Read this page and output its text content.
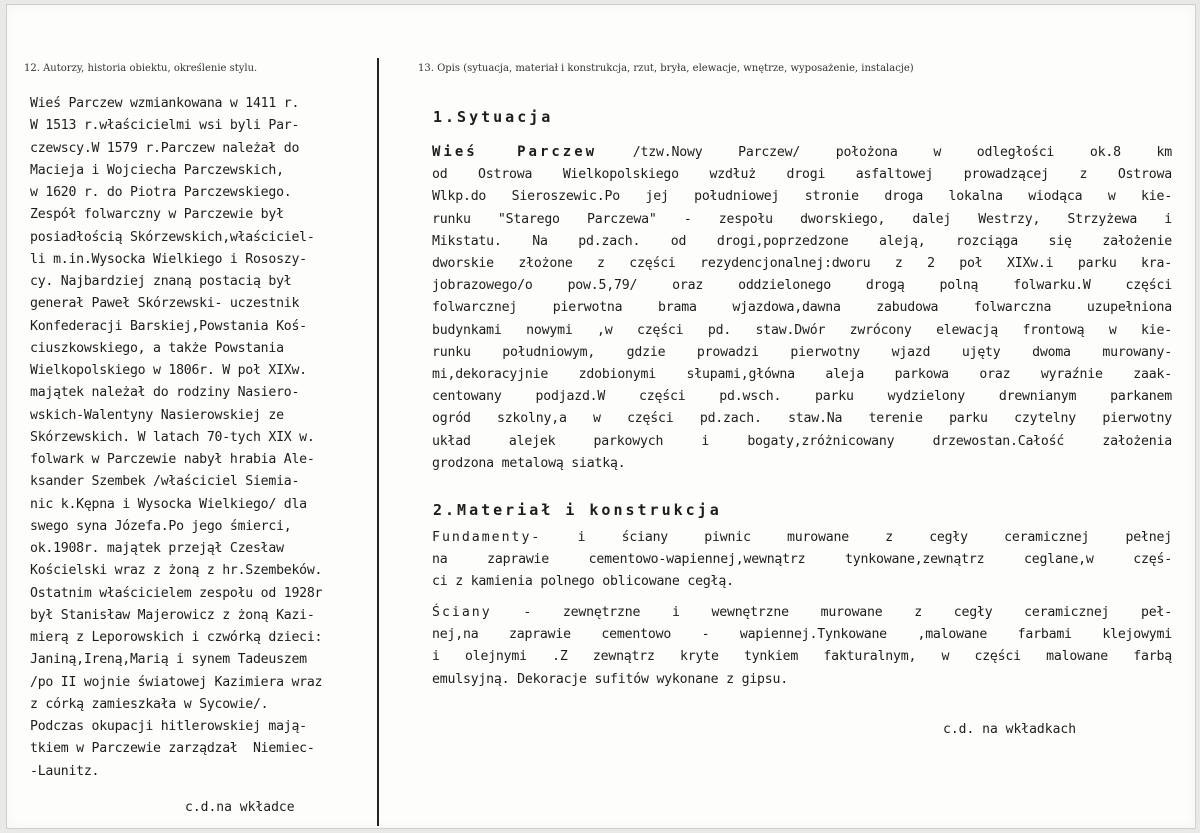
12. Autorzy, historia obiektu, określenie stylu.	13. Opis (sytuacja, materiał i konstrukcja, rzut, bryła, elewacje, wnętrze, wyposażenie, instalacje)
Wieś Parczew wzmiankowana w 1411 r.
W 1513 r.właścicielmi wsi byli Par-
czewscy.W 1579 r.Parczew należał do
Macieja i Wojciecha Parczewskich,
w 1620 r. do Piotra Parczewskiego.
Zespół folwarczny w Parczewie był
posiadłością Skórzewskich,właściciel-
li m.in.Wysocka Wielkiego i Rososzy-
cy. Najbardziej znaną postacią był
generał Paweł Skórzewski- uczestnik
Konfederacji Barskiej,Powstania Koś-
ciuszkowskiego, a także Powstania
Wielkopolskiego w 1806r. W poł XIXw.
majątek należał do rodziny Nasiero-
wskich-Walentyny Nasierowskiej ze
Skórzewskich. W latach 70-tych XIX w.
folwark w Parczewie nabył hrabia Ale-
ksander Szembek /właściciel Siemia-
nic k.Kępna i Wysocka Wielkiego/ dla
swego syna Józefa.Po jego śmierci,
ok.1908r. majątek przejął Czesław
Kościelski wraz z żoną z hr.Szembeków.
Ostatnim właścicielem zespołu od 1928r
był Stanisław Majerowicz z żoną Kazi-
mierą z Leporowskich i czwórką dzieci:
Janiną,Ireną,Marią i synem Tadeuszem
/po II wojnie światowej Kazimiera wraz
z córką zamieszkała w Sycowie/.
Podczas okupacji hitlerowskiej mają-
tkiem w Parczewie zarządzał  Niemiec-
-Launitz.
c.d.na wkładce
1.Sytuacja
Wieś Parczew	/tzw.Nowy Parczew/ położona w odległości ok.8 km
od Ostrowa Wielkopolskiego wzdłuż drogi asfaltowej prowadzącej z Ostrowa
Wlkp.do Sieroszewic.Po jej południowej stronie droga lokalna wiodąca w kie-
runku "Starego Parczewa" - zespołu dworskiego, dalej Westrzy, Strzyżewa i
Mikstatu. Na pd.zach. od drogi,poprzedzone aleją, rozciąga się założenie
dworskie złożone z części rezydencjonalnej:dworu z 2 poł XIXw.i parku kra-
jobrazowego/o pow.5,79/ oraz oddzielonego drogą polną folwarku.W części
folwarcznej pierwotna brama wjazdowa,dawna zabudowa folwarczna uzupełniona
budynkami nowymi ,w części pd. staw.Dwór zwrócony elewacją frontową w kie-
runku południowym, gdzie prowadzi pierwotny wjazd ujęty dwoma murowany-
mi,dekoracyjnie zdobionymi słupami,główna aleja parkowa oraz wyraźnie zaak-
centowany podjazd.W części pd.wsch. parku wydzielony drewnianym parkanem
ogród szkolny,a w części pd.zach. staw.Na terenie parku czytelny pierwotny
układ alejek parkowych i bogaty,zróżnicowany drzewostan.Całość założenia
grodzona metalową siatką.
2.Materiał i konstrukcja
Fundamenty-	i ściany piwnic murowane z cegły ceramicznej pełnej
na zaprawie cementowo-wapiennej,wewnątrz tynkowane,zewnątrz ceglane,w częś-
ci z kamienia polnego oblicowane cegłą.
Ściany - zewnętrzne i wewnętrzne murowane z cegły ceramicznej peł-
nej,na zaprawie cementowo - wapiennej.Tynkowane ,malowane farbami klejowymi
i olejnymi .Z zewnątrz kryte tynkiem fakturalnym, w części malowane farbą
emulsyjną. Dekoracje sufitów wykonane z gipsu.
c.d. na wkładkach
